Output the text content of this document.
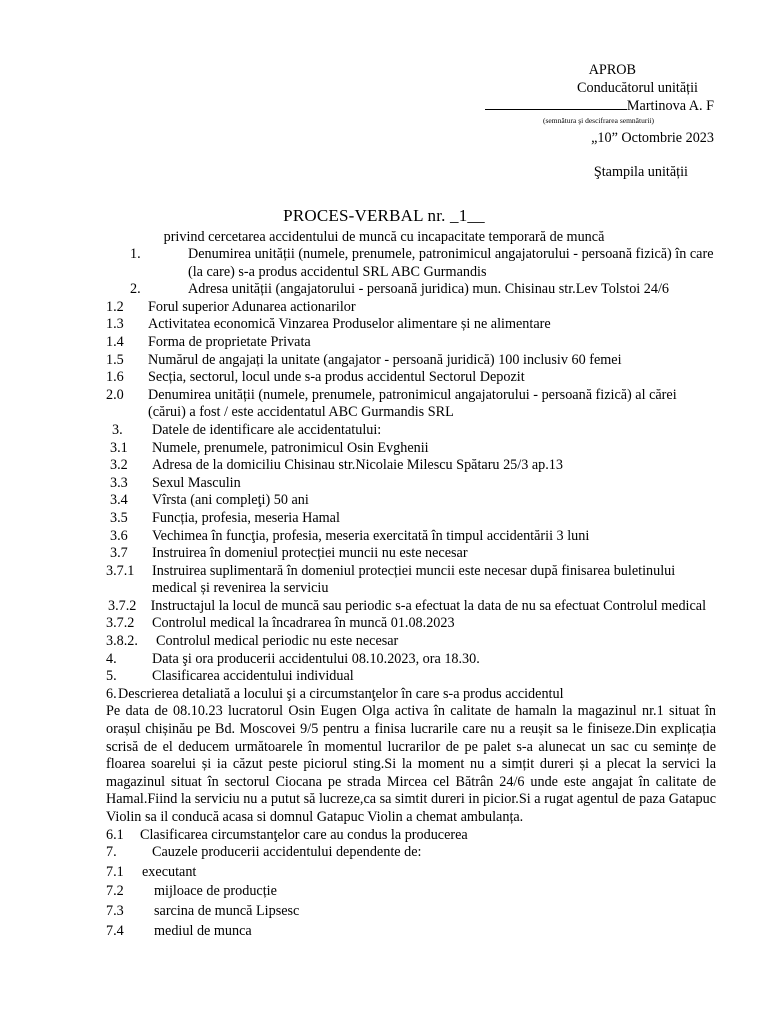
APROB
Conducătorul unității
Martinova A. F
(semnătura şi descifrarea semnăturii)
„10” Octombrie 2023
Ştampila unității
PROCES-VERBAL nr. _1__
privind cercetarea accidentului de muncă cu incapacitate temporară de muncă
1.	Denumirea unității (numele, prenumele, patronimicul angajatorului - persoană fizică) în care (la care) s-a produs accidentul SRL ABC Gurmandis
2.	Adresa unității (angajatorului - persoană juridica) mun. Chisinau str.Lev Tolstoi 24/6
1.2	Forul superior Adunarea actionarilor
1.3	Activitatea economică Vinzarea Produselor alimentare și ne alimentare
1.4	Forma de proprietate Privata
1.5	Numărul de angajați la unitate (angajator - persoană juridică) 100 inclusiv 60 femei
1.6	Secția, sectorul, locul unde s-a produs accidentul Sectorul Depozit
2.0	Denumirea unității (numele, prenumele, patronimicul angajatorului - persoană fizică) al cărei (cărui) a fost / este accidentatul ABC Gurmandis SRL
3.	Datele de identificare ale accidentatului:
3.1	Numele, prenumele, patronimicul Osin Evghenii
3.2	Adresa de la domiciliu Chisinau str.Nicolaie Milescu Spătaru 25/3 ap.13
3.3	Sexul Masculin
3.4	Vîrsta (ani compleţi) 50 ani
3.5	Funcția, profesia, meseria Hamal
3.6	Vechimea în funcţia, profesia, meseria exercitată în timpul accidentării 3 luni
3.7	Instruirea în domeniul protecției muncii nu este necesar
3.7.1	Instruirea suplimentară în domeniul protecției muncii este necesar după finisarea buletinului medical și revenirea la serviciu
3.7.2 Instructajul la locul de muncă sau periodic s-a efectuat la data de nu sa efectuat Controlul medical
3.7.2	Controlul medical la încadrarea în muncă 01.08.2023
3.8.2.	Controlul medical periodic nu este necesar
4.	Data şi ora producerii accidentului 08.10.2023, ora 18.30.
5.	Clasificarea accidentului individual
6. Descrierea detaliată a locului şi a circumstanţelor în care s-a produs accidentul
Pe data de 08.10.23 lucratorul Osin Eugen Olga activa în calitate de hamaln la magazinul nr.1 situat în orașul chișinău pe Bd. Moscovei 9/5 pentru a finisa lucrarile care nu a reușit sa le finiseze.Din explicația scrisă de el deducem următoarele în momentul lucrarilor de pe palet s-a alunecat un sac cu semințe de floarea soarelui și ia căzut peste piciorul sting.Si la moment nu a simțit dureri și a plecat la servici la magazinul situat în sectorul Ciocana pe strada Mircea cel Bătrân 24/6 unde este angajat în calitate de Hamal.Fiind la serviciu nu a putut să lucreze,ca sa simtit dureri in picior.Si a rugat agentul de paza Gatapuc Violin sa il conducă acasa si domnul Gatapuc Violin a chemat ambulanța.
6.1	Clasificarea circumstanţelor care au condus la producerea
7.	Cauzele producerii accidentului dependente de:
7.1	executant
7.2	mijloace de producție
7.3	sarcina de muncă Lipsesc
7.4	mediul de munca
